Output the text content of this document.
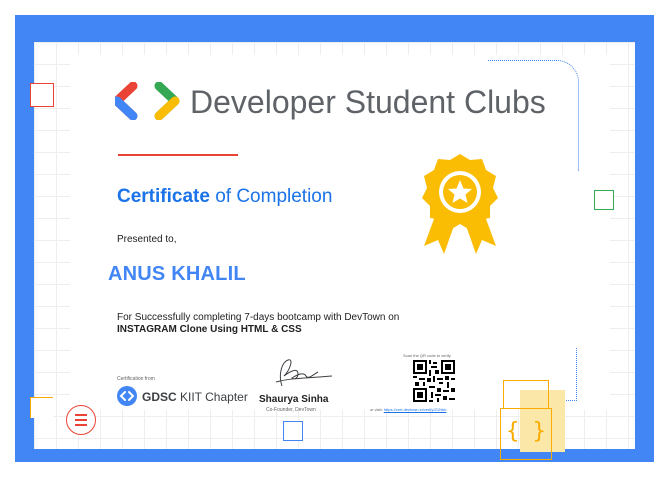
Developer Student Clubs
Certificate of Completion
Presented to,
ANUS KHALIL
For Successfully completing 7-days bootcamp with DevTown on
INSTAGRAM Clone Using HTML & CSS
Certification from
GDSC KIIT Chapter Shaurya Sinha
Co-Founder, DevTown
Scan the QR code to verify
or visit: https://cert.devtown.in/verify/Z1Nhb
{ }
